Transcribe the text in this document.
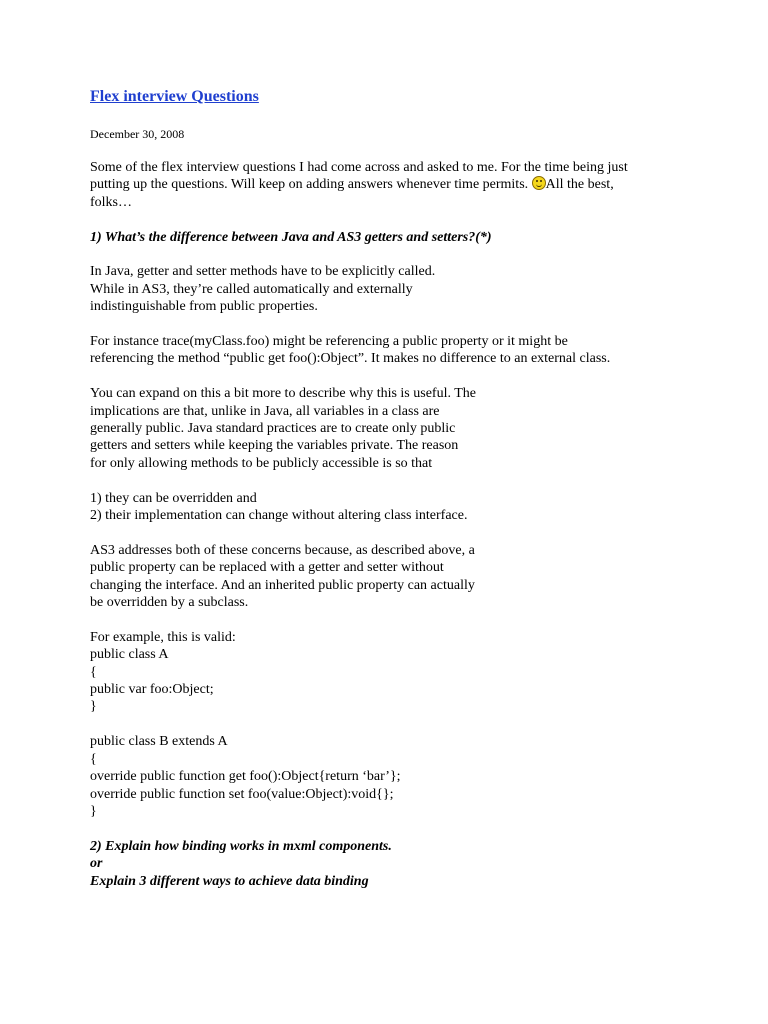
Flex interview Questions
December 30, 2008
Some of the flex interview questions I had come across and asked to me. For the time being just
putting up the questions. Will keep on adding answers whenever time permits. All the best,
folks…
1) What’s the difference between Java and AS3 getters and setters?(*)
In Java, getter and setter methods have to be explicitly called.
While in AS3, they’re called automatically and externally
indistinguishable from public properties.
For instance trace(myClass.foo) might be referencing a public property or it might be
referencing the method “public get foo():Object”. It makes no difference to an external class.
You can expand on this a bit more to describe why this is useful. The
implications are that, unlike in Java, all variables in a class are
generally public. Java standard practices are to create only public
getters and setters while keeping the variables private. The reason
for only allowing methods to be publicly accessible is so that
1) they can be overridden and
2) their implementation can change without altering class interface.
AS3 addresses both of these concerns because, as described above, a
public property can be replaced with a getter and setter without
changing the interface. And an inherited public property can actually
be overridden by a subclass.
For example, this is valid:
public class A
{
public var foo:Object;
}
public class B extends A
{
override public function get foo():Object{return ‘bar’};
override public function set foo(value:Object):void{};
}
2) Explain how binding works in mxml components.
or
Explain 3 different ways to achieve data binding
